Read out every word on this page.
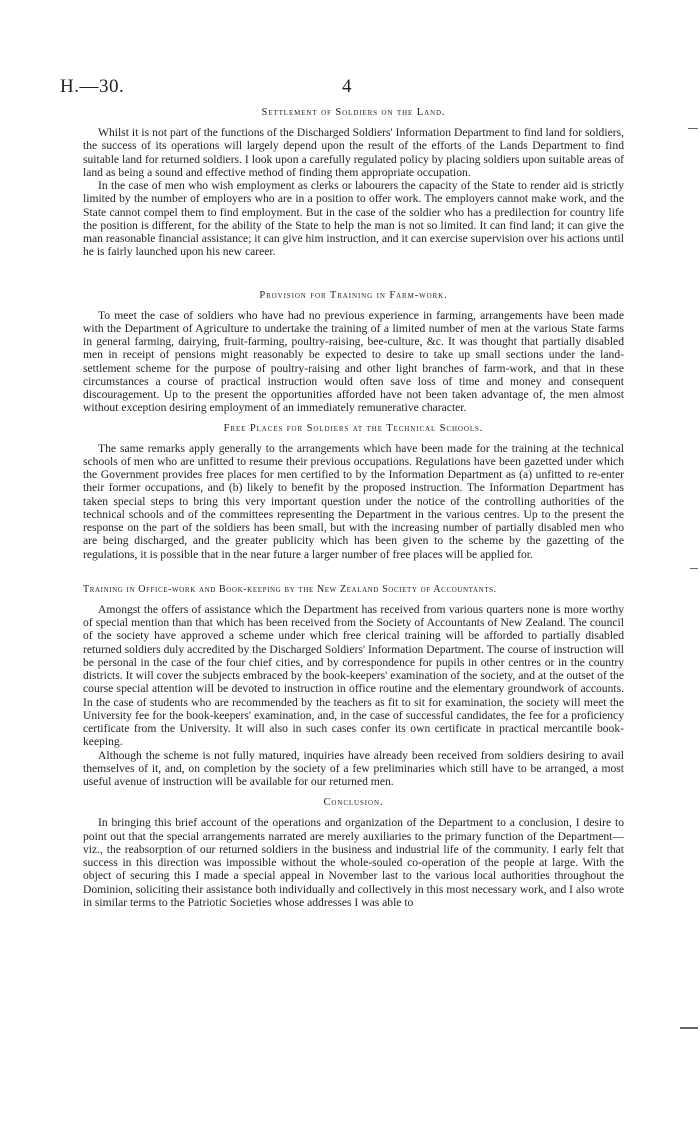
H.—30.	4
Settlement of Soldiers on the Land.

Whilst it is not part of the functions of the Discharged Soldiers' Information Department to find land for soldiers, the success of its operations will largely depend upon the result of the efforts of the Lands Department to find suitable land for returned soldiers. I look upon a carefully regulated policy by placing soldiers upon suitable areas of land as being a sound and effective method of finding them appropriate occupation.

In the case of men who wish employment as clerks or labourers the capacity of the State to render aid is strictly limited by the number of employers who are in a position to offer work. The employers cannot make work, and the State cannot compel them to find employment. But in the case of the soldier who has a predilection for country life the position is different, for the ability of the State to help the man is not so limited. It can find land; it can give the man reasonable financial assistance; it can give him instruction, and it can exercise supervision over his actions until he is fairly launched upon his new career.

Provision for Training in Farm-work.

To meet the case of soldiers who have had no previous experience in farming, arrangements have been made with the Department of Agriculture to undertake the training of a limited number of men at the various State farms in general farming, dairying, fruit-farming, poultry-raising, bee-culture, &c. It was thought that partially disabled men in receipt of pensions might reasonably be expected to desire to take up small sections under the land-settlement scheme for the purpose of poultry-raising and other light branches of farm-work, and that in these circumstances a course of practical instruction would often save loss of time and money and consequent discouragement. Up to the present the opportunities afforded have not been taken advantage of, the men almost without exception desiring employment of an immediately remunerative character.

Free Places for Soldiers at the Technical Schools.

The same remarks apply generally to the arrangements which have been made for the training at the technical schools of men who are unfitted to resume their previous occupations. Regulations have been gazetted under which the Government provides free places for men certified to by the Information Department as (a) unfitted to re-enter their former occupations, and (b) likely to benefit by the proposed instruction. The Information Department has taken special steps to bring this very important question under the notice of the controlling authorities of the technical schools and of the committees representing the Department in the various centres. Up to the present the response on the part of the soldiers has been small, but with the increasing number of partially disabled men who are being discharged, and the greater publicity which has been given to the scheme by the gazetting of the regulations, it is possible that in the near future a larger number of free places will be applied for.

Training in Office-work and Book-keeping by the New Zealand Society of Accountants.

Amongst the offers of assistance which the Department has received from various quarters none is more worthy of special mention than that which has been received from the Society of Accountants of New Zealand. The council of the society have approved a scheme under which free clerical training will be afforded to partially disabled returned soldiers duly accredited by the Discharged Soldiers' Information Department. The course of instruction will be personal in the case of the four chief cities, and by correspondence for pupils in other centres or in the country districts. It will cover the subjects embraced by the book-keepers' examination of the society, and at the outset of the course special attention will be devoted to instruction in office routine and the elementary groundwork of accounts. In the case of students who are recommended by the teachers as fit to sit for examination, the society will meet the University fee for the book-keepers' examination, and, in the case of successful candidates, the fee for a proficiency certificate from the University. It will also in such cases confer its own certificate in practical mercantile book-keeping.

Although the scheme is not fully matured, inquiries have already been received from soldiers desiring to avail themselves of it, and, on completion by the society of a few preliminaries which still have to be arranged, a most useful avenue of instruction will be available for our returned men.

Conclusion.

In bringing this brief account of the operations and organization of the Department to a conclusion, I desire to point out that the special arrangements narrated are merely auxiliaries to the primary function of the Department—viz., the reabsorption of our returned soldiers in the business and industrial life of the community. I early felt that success in this direction was impossible without the whole-souled co-operation of the people at large. With the object of securing this I made a special appeal in November last to the various local authorities throughout the Dominion, soliciting their assistance both individually and collectively in this most necessary work, and I also wrote in similar terms to the Patriotic Societies whose addresses I was able to
